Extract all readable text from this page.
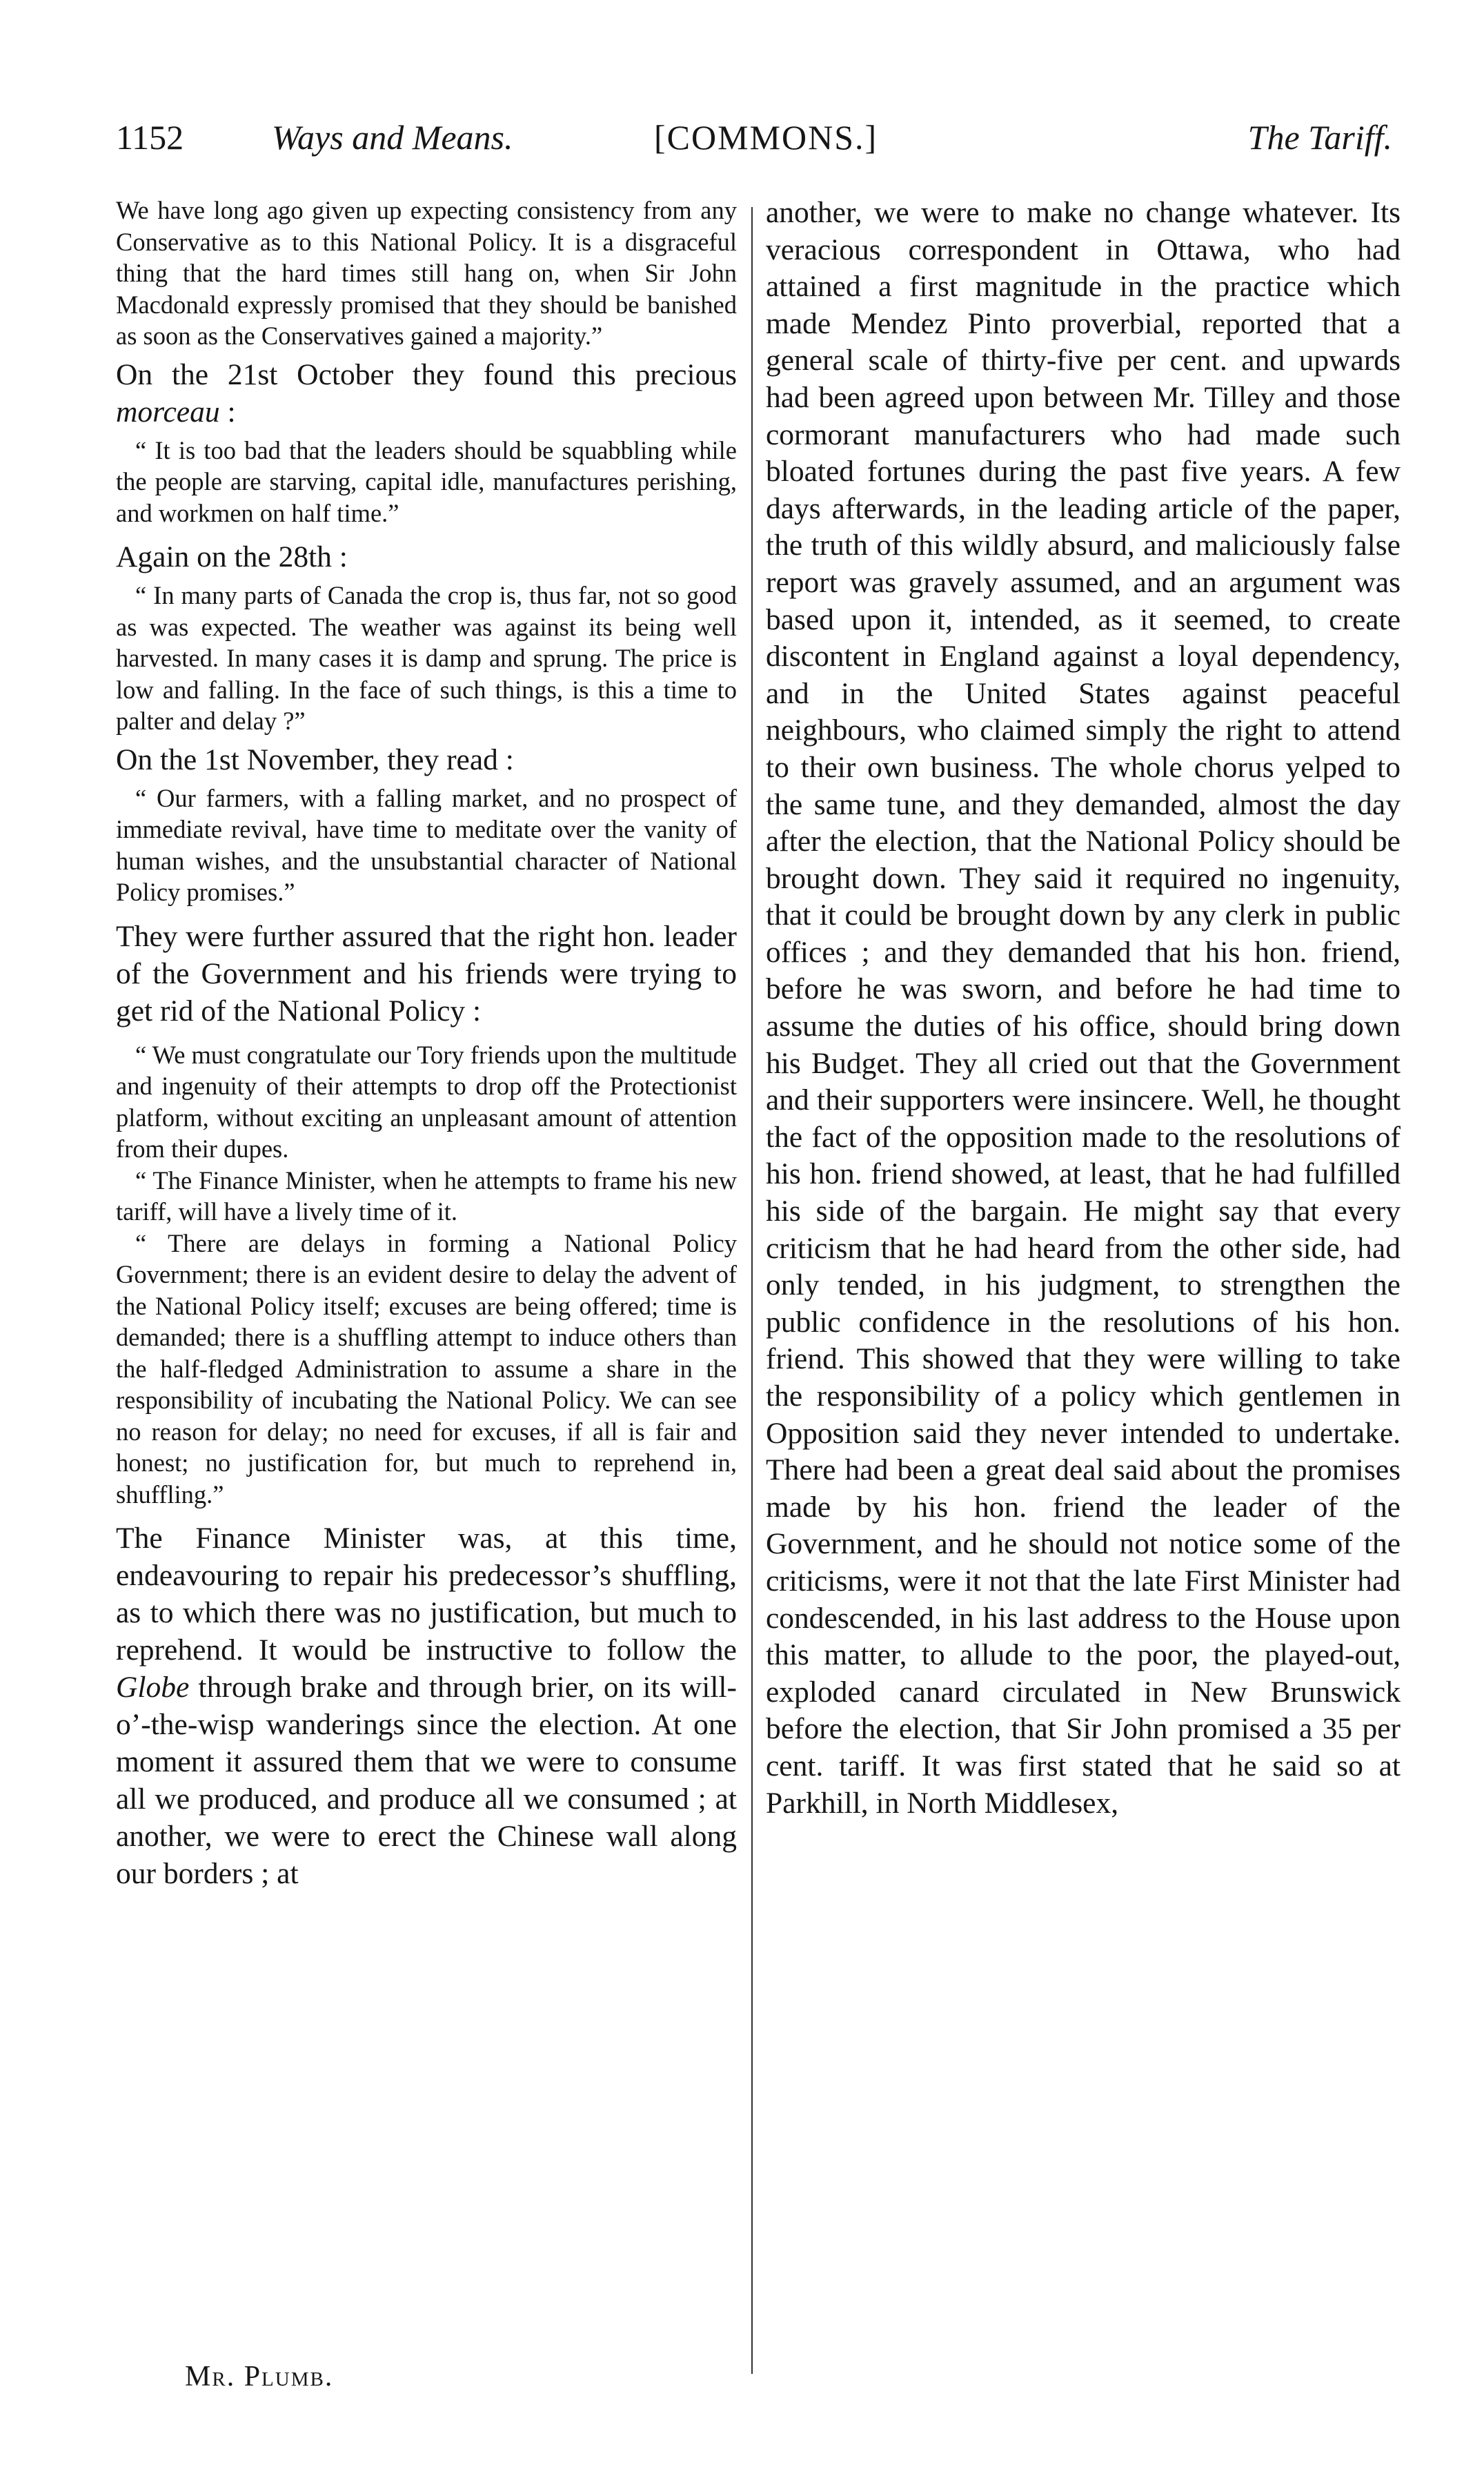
1152	Ways and Means.	[COMMONS.]	The Tariff.

We have long ago given up expecting consistency from any Conservative as to this National Policy. It is a disgraceful thing that the hard times still hang on, when Sir John Macdonald expressly promised that they should be banished as soon as the Conservatives gained a majority.”

On the 21st October they found this precious morceau :

“ It is too bad that the leaders should be squabbling while the people are starving, capital idle, manufactures perishing, and workmen on half time.”

Again on the 28th :

“ In many parts of Canada the crop is, thus far, not so good as was expected. The weather was against its being well harvested. In many cases it is damp and sprung. The price is low and falling. In the face of such things, is this a time to palter and delay ?”

On the 1st November, they read :

“ Our farmers, with a falling market, and no prospect of immediate revival, have time to meditate over the vanity of human wishes, and the unsubstantial character of National Policy promises.”

They were further assured that the right hon. leader of the Government and his friends were trying to get rid of the National Policy :

“ We must congratulate our Tory friends upon the multitude and ingenuity of their attempts to drop off the Protectionist platform, without exciting an unpleasant amount of attention from their dupes.

“ The Finance Minister, when he attempts to frame his new tariff, will have a lively time of it.

“ There are delays in forming a National Policy Government; there is an evident desire to delay the advent of the National Policy itself; excuses are being offered; time is demanded; there is a shuffling attempt to induce others than the half-fledged Administration to assume a share in the responsibility of incubating the National Policy. We can see no reason for delay; no need for excuses, if all is fair and honest; no justification for, but much to reprehend in, shuffling.”

The Finance Minister was, at this time, endeavouring to repair his predecessor’s shuffling, as to which there was no justification, but much to reprehend. It would be instructive to follow the Globe through brake and through brier, on its will-o’-the-wisp wanderings since the election. At one moment it assured them that we were to consume all we produced, and produce all we consumed ; at another, we were to erect the Chinese wall along our borders ; at

another, we were to make no change whatever. Its veracious correspondent in Ottawa, who had attained a first magnitude in the practice which made Mendez Pinto proverbial, reported that a general scale of thirty-five per cent. and upwards had been agreed upon between Mr. Tilley and those cormorant manufacturers who had made such bloated fortunes during the past five years. A few days afterwards, in the leading article of the paper, the truth of this wildly absurd, and maliciously false report was gravely assumed, and an argument was based upon it, intended, as it seemed, to create discontent in England against a loyal dependency, and in the United States against peaceful neighbours, who claimed simply the right to attend to their own business. The whole chorus yelped to the same tune, and they demanded, almost the day after the election, that the National Policy should be brought down. They said it required no ingenuity, that it could be brought down by any clerk in public offices ; and they demanded that his hon. friend, before he was sworn, and before he had time to assume the duties of his office, should bring down his Budget. They all cried out that the Government and their supporters were insincere. Well, he thought the fact of the opposition made to the resolutions of his hon. friend showed, at least, that he had fulfilled his side of the bargain. He might say that every criticism that he had heard from the other side, had only tended, in his judgment, to strengthen the public confidence in the resolutions of his hon. friend. This showed that they were willing to take the responsibility of a policy which gentlemen in Opposition said they never intended to undertake. There had been a great deal said about the promises made by his hon. friend the leader of the Government, and he should not notice some of the criticisms, were it not that the late First Minister had condescended, in his last address to the House upon this matter, to allude to the poor, the played-out, exploded canard circulated in New Brunswick before the election, that Sir John promised a 35 per cent. tariff. It was first stated that he said so at Parkhill, in North Middlesex,

Mr. Plumb.
